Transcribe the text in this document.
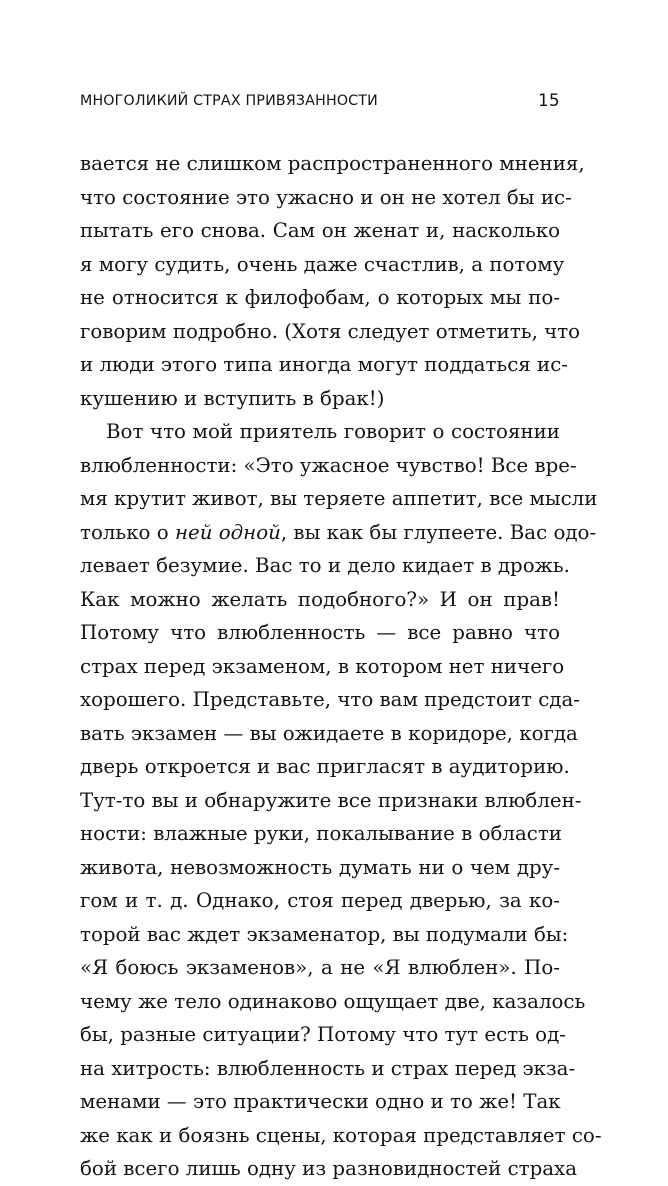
МНОГОЛИКИЙ СТРАХ ПРИВЯЗАННОСТИ	15
вается не слишком распространенного мнения,
что состояние это ужасно и он не хотел бы ис-
пытать его снова. Сам он женат и, насколько
я могу судить, очень даже счастлив, а потому
не относится к филофобам, о которых мы по-
говорим подробно. (Хотя следует отметить, что
и люди этого типа иногда могут поддаться ис-
кушению и вступить в брак!)
Вот что мой приятель говорит о состоянии
влюбленности: «Это ужасное чувство! Все вре-
мя крутит живот, вы теряете аппетит, все мысли
только о ней одной, вы как бы глупеете. Вас одо-
левает безумие. Вас то и дело кидает в дрожь.
Как можно желать подобного?» И он прав!
Потому что влюбленность — все равно что
страх перед экзаменом, в котором нет ничего
хорошего. Представьте, что вам предстоит сда-
вать экзамен — вы ожидаете в коридоре, когда
дверь откроется и вас пригласят в аудиторию.
Тут-то вы и обнаружите все признаки влюблен-
ности: влажные руки, покалывание в области
живота, невозможность думать ни о чем дру-
гом и т. д. Однако, стоя перед дверью, за ко-
торой вас ждет экзаменатор, вы подумали бы:
«Я боюсь экзаменов», а не «Я влюблен». По-
чему же тело одинаково ощущает две, казалось
бы, разные ситуации? Потому что тут есть од-
на хитрость: влюбленность и страх перед экза-
менами — это практически одно и то же! Так
же как и боязнь сцены, которая представляет со-
бой всего лишь одну из разновидностей страха
